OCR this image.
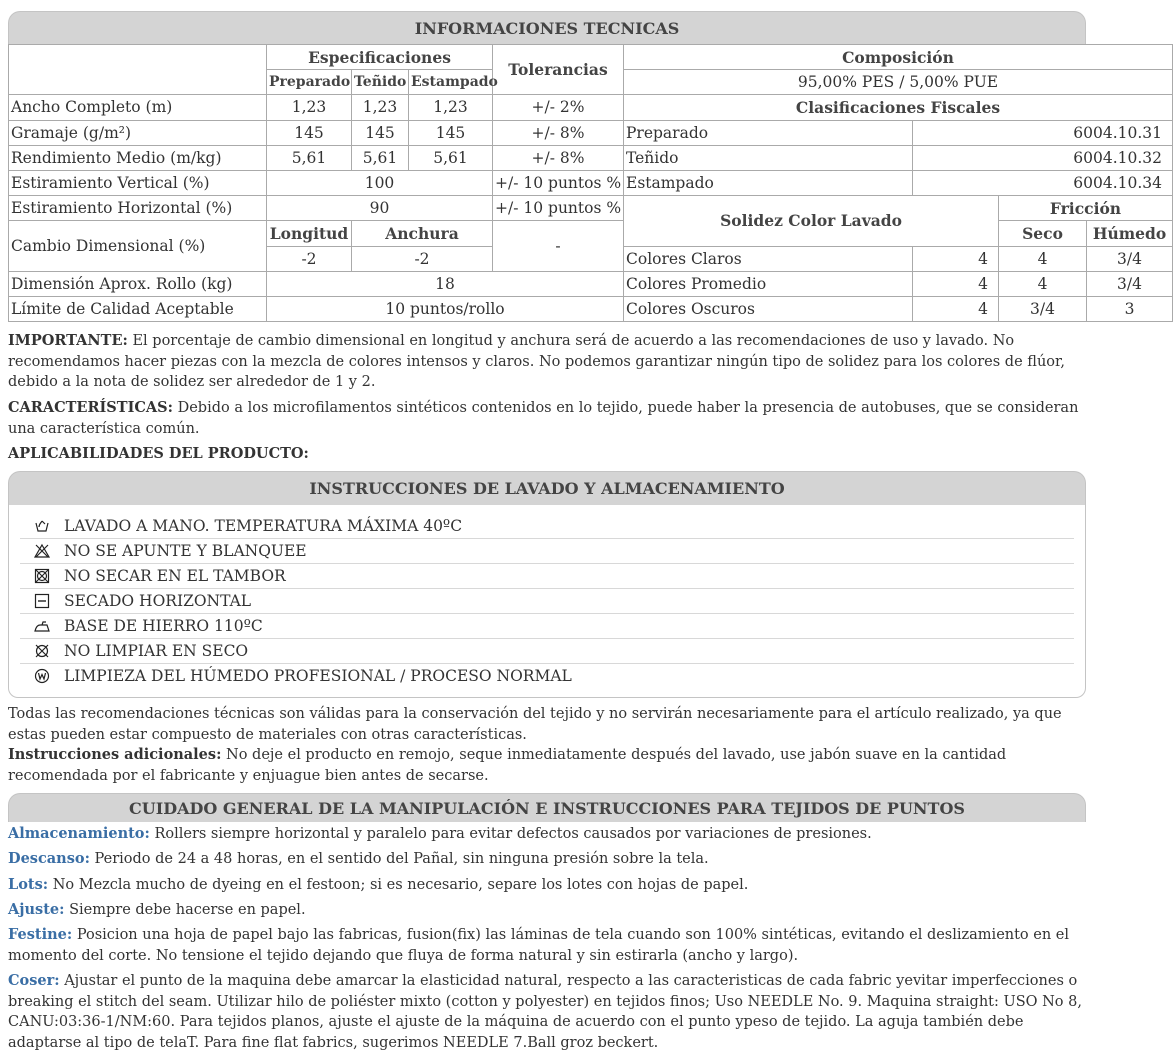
INFORMACIONES TECNICAS
	Especificaciones			Tolerancias	Composición			
	Preparado	Teñido	Estampado		95,00% PES / 5,00% PUE			
Ancho Completo (m)	1,23	1,23	1,23	+/- 2%	Clasificaciones Fiscales			
Gramaje (g/m²)	145	145	145	+/- 8%	Preparado	6004.10.31		
Rendimiento Medio (m/kg)	5,61	5,61	5,61	+/- 8%	Teñido	6004.10.32		
Estiramiento Vertical (%)	100			+/- 10 puntos %	Estampado	6004.10.34		
Estiramiento Horizontal (%)	90			+/- 10 puntos %	Solidez Color Lavado		Fricción	
Cambio Dimensional (%)	Longitud	Anchura		-			Seco	Húmedo
	-2	-2			Colores Claros	4	4	3/4
Dimensión Aprox. Rollo (kg)	18				Colores Promedio	4	4	3/4
Límite de Calidad Aceptable	10 puntos/rollo				Colores Oscuros	4	3/4	3
IMPORTANTE: El porcentaje de cambio dimensional en longitud y anchura será de acuerdo a las recomendaciones de uso y lavado. No recomendamos hacer piezas con la mezcla de colores intensos y claros. No podemos garantizar ningún tipo de solidez para los colores de flúor, debido a la nota de solidez ser alrededor de 1 y 2.
CARACTERÍSTICAS: Debido a los microfilamentos sintéticos contenidos en lo tejido, puede haber la presencia de autobuses, que se consideran una característica común.
APLICABILIDADES DEL PRODUCTO:
INSTRUCCIONES DE LAVADO Y ALMACENAMIENTO
LAVADO A MANO. TEMPERATURA MÁXIMA 40ºC
NO SE APUNTE Y BLANQUEE
NO SECAR EN EL TAMBOR
SECADO HORIZONTAL
BASE DE HIERRO 110ºC
NO LIMPIAR EN SECO
LIMPIEZA DEL HÚMEDO PROFESIONAL / PROCESO NORMAL
Todas las recomendaciones técnicas son válidas para la conservación del tejido y no servirán necesariamente para el artículo realizado, ya que estas pueden estar compuesto de materiales con otras características.
Instrucciones adicionales: No deje el producto en remojo, seque inmediatamente después del lavado, use jabón suave en la cantidad recomendada por el fabricante y enjuague bien antes de secarse.
CUIDADO GENERAL DE LA MANIPULACIÓN E INSTRUCCIONES PARA TEJIDOS DE PUNTOS
Almacenamiento: Rollers siempre horizontal y paralelo para evitar defectos causados por variaciones de presiones.
Descanso: Periodo de 24 a 48 horas, en el sentido del Pañal, sin ninguna presión sobre la tela.
Lots: No Mezcla mucho de dyeing en el festoon; si es necesario, separe los lotes con hojas de papel.
Ajuste: Siempre debe hacerse en papel.
Festine: Posicion una hoja de papel bajo las fabricas, fusion(fix) las láminas de tela cuando son 100% sintéticas, evitando el deslizamiento en el momento del corte. No tensione el tejido dejando que fluya de forma natural y sin estirarla (ancho y largo).
Coser: Ajustar el punto de la maquina debe amarcar la elasticidad natural, respecto a las caracteristicas de cada fabric yevitar imperfecciones o breaking el stitch del seam. Utilizar hilo de poliéster mixto (cotton y polyester) en tejidos finos; Uso NEEDLE No. 9. Maquina straight: USO No 8, CANU:03:36-1/NM:60. Para tejidos planos, ajuste el ajuste de la máquina de acuerdo con el punto ypeso de tejido. La aguja también debe adaptarse al tipo de telaT. Para fine flat fabrics, sugerimos NEEDLE 7.Ball groz beckert.
